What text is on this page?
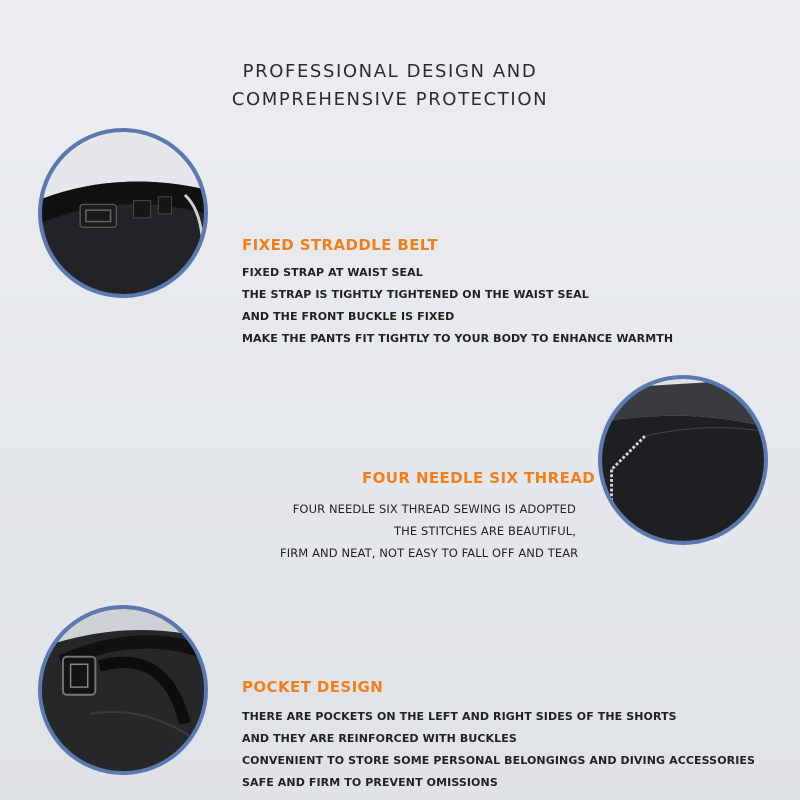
PROFESSIONAL DESIGN AND
COMPREHENSIVE PROTECTION
FIXED STRADDLE BELT
FIXED STRAP AT WAIST SEAL
THE STRAP IS TIGHTLY TIGHTENED ON THE WAIST SEAL
AND THE FRONT BUCKLE IS FIXED
MAKE THE PANTS FIT TIGHTLY TO YOUR BODY TO ENHANCE WARMTH
FOUR NEEDLE SIX THREAD
FOUR NEEDLE SIX THREAD SEWING IS ADOPTED
THE STITCHES ARE BEAUTIFUL,
FIRM AND NEAT, NOT EASY TO FALL OFF AND TEAR
POCKET DESIGN
THERE ARE POCKETS ON THE LEFT AND RIGHT SIDES OF THE SHORTS
AND THEY ARE REINFORCED WITH BUCKLES
CONVENIENT TO STORE SOME PERSONAL BELONGINGS AND DIVING ACCESSORIES
SAFE AND FIRM TO PREVENT OMISSIONS
